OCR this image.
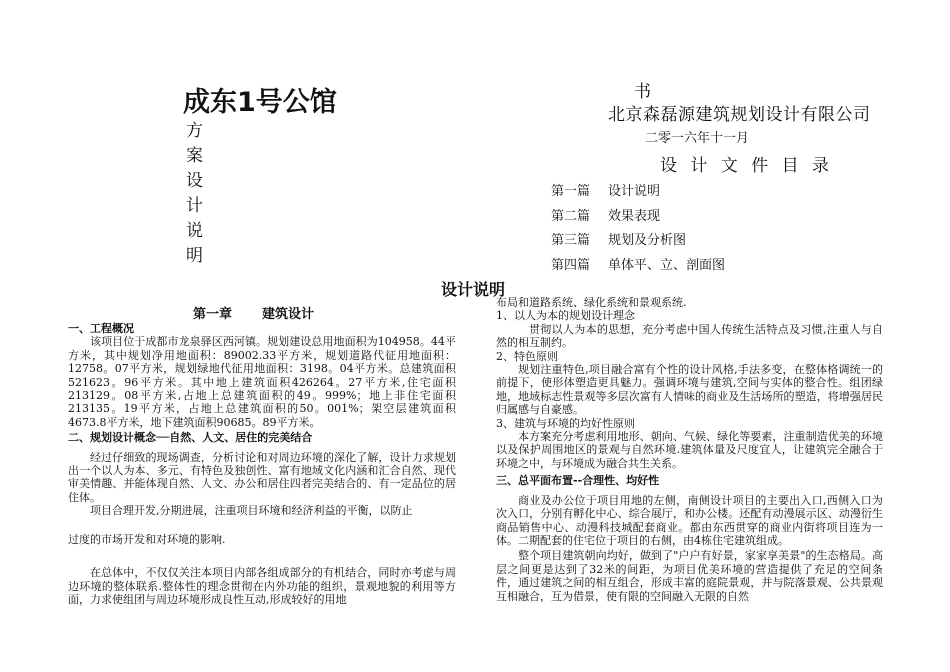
成东1号公馆
方
案
设
计
说
明
书
北京森磊源建筑规划设计有限公司
二零一六年十一月
设 计 文 件 目 录
第一篇 设计说明
第二篇 效果表现
第三篇 规划及分析图
第四篇 单体平、立、剖面图
设计说明
第一章 建筑设计

一、工程概况

该项目位于成都市龙泉驿区西河镇。规划建设总用地面积为104958。44平方米，其中规划净用地面积：89002.33平方米，规划道路代征用地面积：12758。07平方米，规划绿地代征用地面积：3198。04平方米。总建筑面积521623。96平方米。其中地上建筑面积426264。27平方米,住宅面积213129。08平方米,占地上总建筑面积的49。999%；地上非住宅面积213135。19平方米，占地上总建筑面积的50。001%；架空层建筑面积4673.8平方米，地下建筑面积90685。89平方米。

二、规划设计概念──自然、人文、居住的完美结合

经过仔细致的现场调查，分析讨论和对周边环境的深化了解，设计力求规划出一个以人为本、多元、有特色及独创性、富有地域文化内涵和汇合自然、现代审美情趣、并能体现自然、人文、办公和居住四者完美结合的、有一定品位的居住体。

项目合理开发,分期进展，注重项目环境和经济利益的平衡，以防止

过度的市场开发和对环境的影响.

在总体中，不仅仅关注本项目内部各组成部分的有机结合，同时亦考虑与周边环境的整体联系.整体性的理念贯彻在内外功能的组织，景观地貌的利用等方面，力求使组团与周边环境形成良性互动,形成较好的用地

布局和道路系统、绿化系统和景观系统.

1、以人为本的规划设计理念

贯彻以人为本的思想，充分考虑中国人传统生活特点及习惯,注重人与自然的相互制约。

2、特色原则

规划注重特色,项目融合富有个性的设计风格,手法多变，在整体格调统一的前提下，使形体塑造更具魅力。强调环境与建筑,空间与实体的整合性。组团绿地，地域标志性景观等多层次富有人情味的商业及生活场所的塑造，将增强居民归属感与自豪感。

3、建筑与环境的均好性原则

本方案充分考虑利用地形、朝向、气候、绿化等要素，注重制造优美的环境以及保护周围地区的景观与自然环境.建筑体量及尺度宜人，让建筑完全融合于环境之中，与环境成为融合共生关系。

三、总平面布置--合理性、均好性

商业及办公位于项目用地的左侧，南侧设计项目的主要出入口,西侧入口为次入口，分别有孵化中心、综合展厅，和办公楼。还配有动漫展示区、动漫衍生商品销售中心、动漫科技城配套商业。都由东西贯穿的商业内街将项目连为一体。二期配套的住宅位于项目的右侧，由4栋住宅建筑组成。

整个项目建筑朝向均好，做到了"户户有好景，家家享美景"的生态格局。高层之间更是达到了32米的间距，为项目优美环境的营造提供了充足的空间条件，通过建筑之间的相互组合，形成丰富的庭院景观，并与院落景观、公共景观互相融合，互为借景，使有限的空间融入无限的自然
